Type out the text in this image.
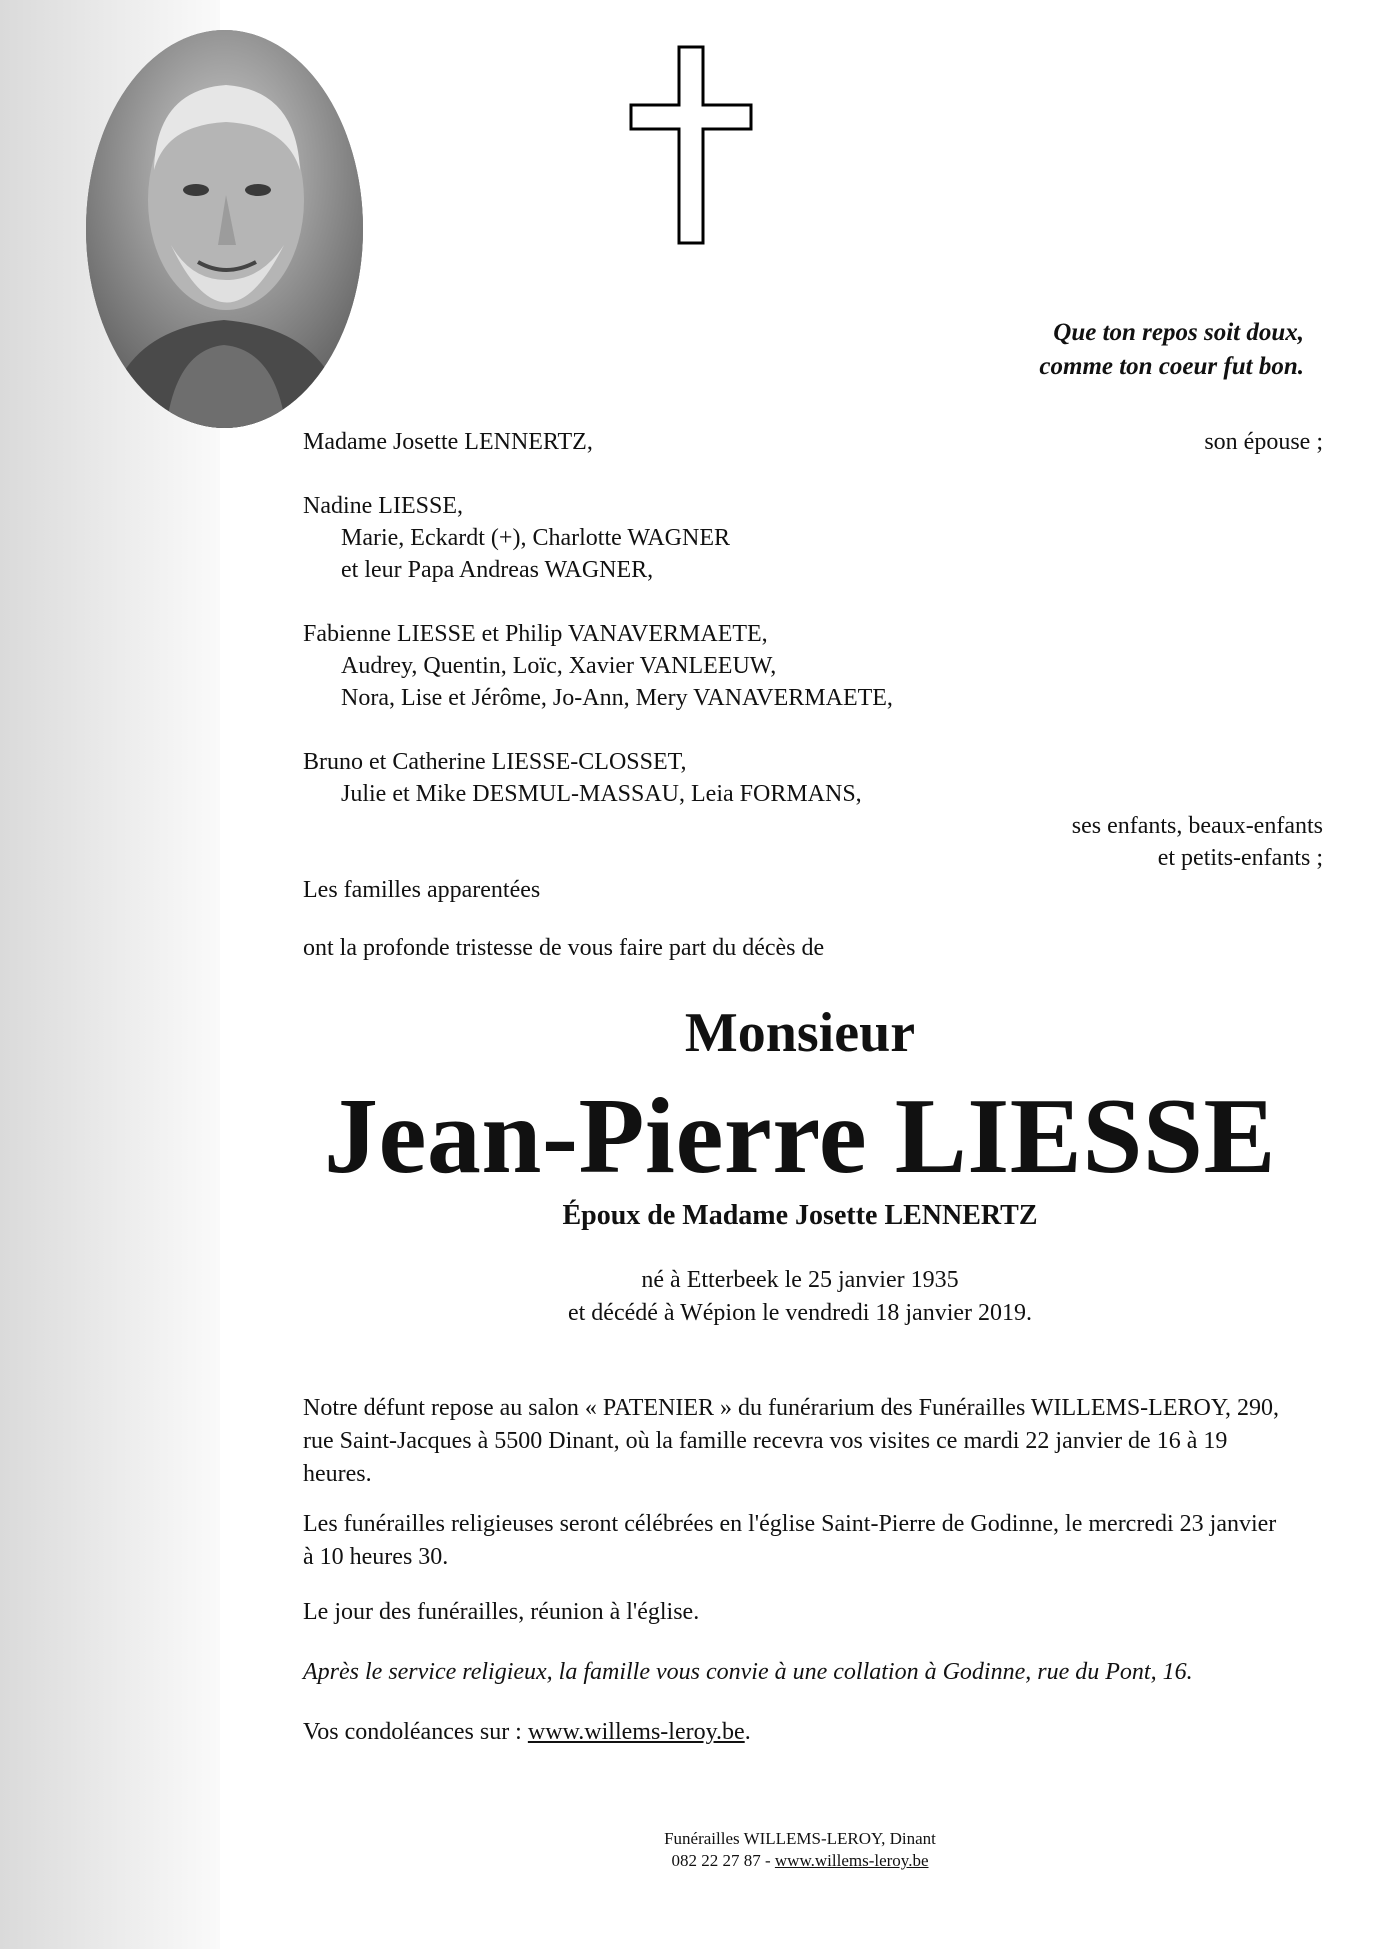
Que ton repos soit doux,
comme ton coeur fut bon.
Madame Josette LENNERTZ,	son épouse ;
Nadine LIESSE,
Marie, Eckardt (+), Charlotte WAGNER
et leur Papa Andreas WAGNER,
Fabienne LIESSE et Philip VANAVERMAETE,
Audrey, Quentin, Loïc, Xavier VANLEEUW,
Nora, Lise et Jérôme, Jo-Ann, Mery VANAVERMAETE,
Bruno et Catherine LIESSE-CLOSSET,
Julie et Mike DESMUL-MASSAU, Leia FORMANS,
ses enfants, beaux-enfants
et petits-enfants ;
Les familles apparentées
ont la profonde tristesse de vous faire part du décès de
Monsieur
Jean-Pierre LIESSE
Époux de Madame Josette LENNERTZ
né à Etterbeek le 25 janvier 1935
et décédé à Wépion le vendredi 18 janvier 2019.
Notre défunt repose au salon « PATENIER » du funérarium des Funérailles WILLEMS-LEROY, 290, rue Saint-Jacques à 5500 Dinant, où la famille recevra vos visites ce mardi 22 janvier de 16 à 19 heures.
Les funérailles religieuses seront célébrées en l'église Saint-Pierre de Godinne, le mercredi 23 janvier à 10 heures 30.
Le jour des funérailles, réunion à l'église.
Après le service religieux, la famille vous convie à une collation à Godinne, rue du Pont, 16.
Vos condoléances sur : www.willems-leroy.be.
Funérailles WILLEMS-LEROY, Dinant
082 22 27 87 - www.willems-leroy.be
